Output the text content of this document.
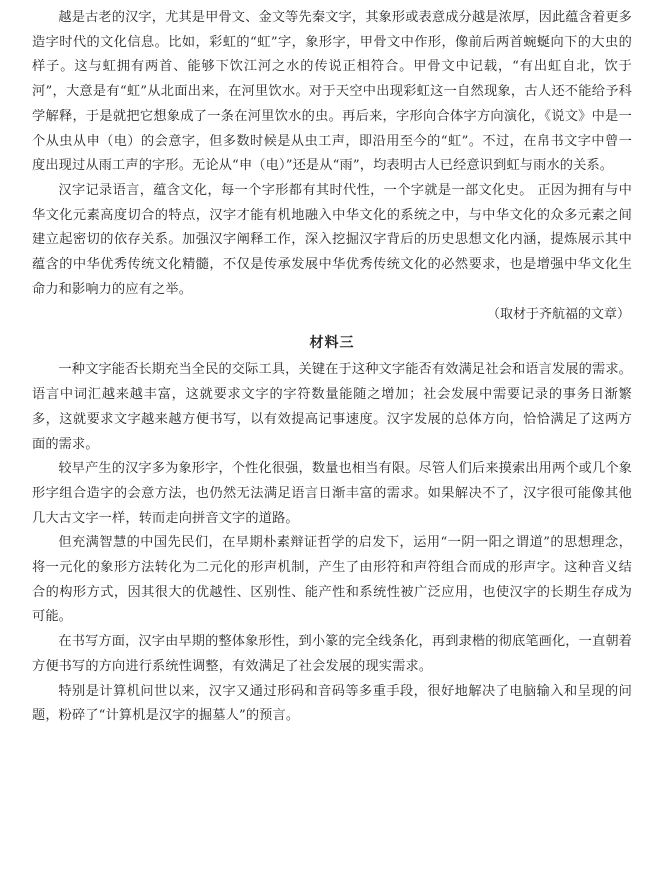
越是古老的汉字，尤其是甲骨文、金文等先秦文字，其象形或表意成分越是浓厚，因此蕴含着更多造字时代的文化信息。比如，彩虹的“虹”字，象形字，甲骨文中作形，像前后两首蜿蜒向下的大虫的样子。这与虹拥有两首、能够下饮江河之水的传说正相符合。甲骨文中记载，“有出虹自北，饮于河”，大意是有“虹”从北面出来，在河里饮水。对于天空中出现彩虹这一自然现象，古人还不能给予科学解释，于是就把它想象成了一条在河里饮水的虫。再后来，字形向合体字方向演化，《说文》中是一个从虫从申（电）的会意字，但多数时候是从虫工声，即沿用至今的“虹”。不过，在帛书文字中曾一度出现过从雨工声的字形。无论从“申（电）”还是从“雨”，均表明古人已经意识到虹与雨水的关系。

汉字记录语言，蕴含文化，每一个字形都有其时代性，一个字就是一部文化史。 正因为拥有与中华文化元素高度切合的特点，汉字才能有机地融入中华文化的系统之中，与中华文化的众多元素之间建立起密切的依存关系。加强汉字阐释工作，深入挖掘汉字背后的历史思想文化内涵，提炼展示其中蕴含的中华优秀传统文化精髓，不仅是传承发展中华优秀传统文化的必然要求，也是增强中华文化生命力和影响力的应有之举。

（取材于齐航福的文章）

材料三

一种文字能否长期充当全民的交际工具，关键在于这种文字能否有效满足社会和语言发展的需求。语言中词汇越来越丰富，这就要求文字的字符数量能随之增加；社会发展中需要记录的事务日渐繁多，这就要求文字越来越方便书写，以有效提高记事速度。汉字发展的总体方向，恰恰满足了这两方面的需求。

较早产生的汉字多为象形字，个性化很强，数量也相当有限。尽管人们后来摸索出用两个或几个象形字组合造字的会意方法，也仍然无法满足语言日渐丰富的需求。如果解决不了，汉字很可能像其他几大古文字一样，转而走向拼音文字的道路。

但充满智慧的中国先民们，在早期朴素辩证哲学的启发下，运用“一阴一阳之谓道”的思想理念，将一元化的象形方法转化为二元化的形声机制，产生了由形符和声符组合而成的形声字。这种音义结合的构形方式，因其很大的优越性、区别性、能产性和系统性被广泛应用，也使汉字的长期生存成为可能。

在书写方面，汉字由早期的整体象形性，到小篆的完全线条化，再到隶楷的彻底笔画化，一直朝着方便书写的方向进行系统性调整，有效满足了社会发展的现实需求。

特别是计算机问世以来，汉字又通过形码和音码等多重手段，很好地解决了电脑输入和呈现的问题，粉碎了“计算机是汉字的掘墓人”的预言。
